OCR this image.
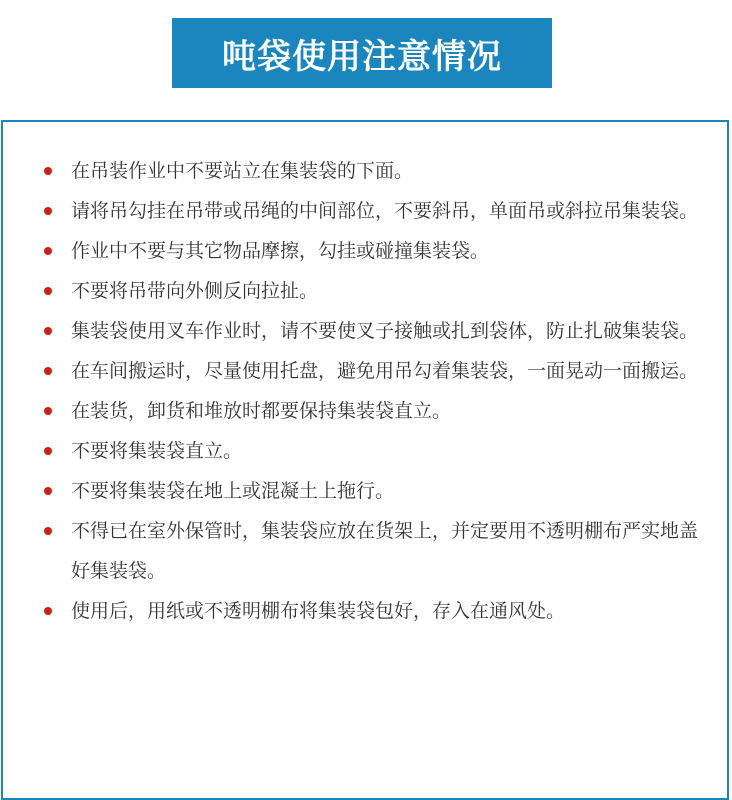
吨袋使用注意情况
在吊装作业中不要站立在集装袋的下面。
请将吊勾挂在吊带或吊绳的中间部位，不要斜吊，单面吊或斜拉吊集装袋。
作业中不要与其它物品摩擦，勾挂或碰撞集装袋。
不要将吊带向外侧反向拉扯。
集装袋使用叉车作业时，请不要使叉子接触或扎到袋体，防止扎破集装袋。
在车间搬运时，尽量使用托盘，避免用吊勾着集装袋，一面晃动一面搬运。
在装货，卸货和堆放时都要保持集装袋直立。
不要将集装袋直立。
不要将集装袋在地上或混凝土上拖行。
不得已在室外保管时，集装袋应放在货架上，并定要用不透明棚布严实地盖好集装袋。
使用后，用纸或不透明棚布将集装袋包好，存入在通风处。
